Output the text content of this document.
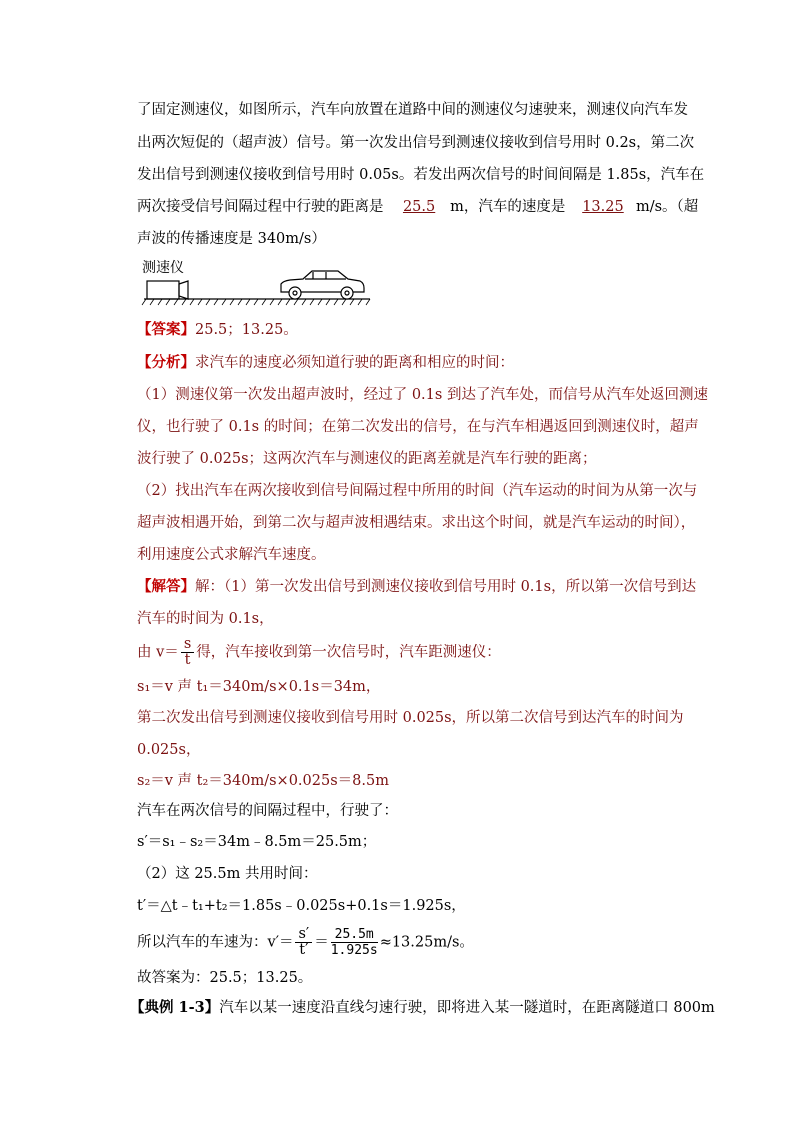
了固定测速仪，如图所示，汽车向放置在道路中间的测速仪匀速驶来，测速仪向汽车发
出两次短促的（超声波）信号。第一次发出信号到测速仪接收到信号用时 0.2s，第二次
发出信号到测速仪接收到信号用时 0.05s。若发出两次信号的时间间隔是 1.85s，汽车在
两次接受信号间隔过程中行驶的距离是 25.5 m，汽车的速度是 13.25 m/s。（超
声波的传播速度是 340m/s）
测速仪
【答案】25.5；13.25。
【分析】求汽车的速度必须知道行驶的距离和相应的时间：
（1）测速仪第一次发出超声波时，经过了 0.1s 到达了汽车处，而信号从汽车处返回测速
仪，也行驶了 0.1s 的时间；在第二次发出的信号，在与汽车相遇返回到测速仪时，超声
波行驶了 0.025s；这两次汽车与测速仪的距离差就是汽车行驶的距离；
（2）找出汽车在两次接收到信号间隔过程中所用的时间（汽车运动的时间为从第一次与
超声波相遇开始，到第二次与超声波相遇结束。求出这个时间，就是汽车运动的时间），
利用速度公式求解汽车速度。
【解答】解：（1）第一次发出信号到测速仪接收到信号用时 0.1s，所以第一次信号到达
汽车的时间为 0.1s，
由 $v= \frac{s}{t}$ 得，汽车接收到第一次信号时，汽车距测速仪：
s₁＝v 声 t₁＝340m/s×0.1s＝34m，
第二次发出信号到测速仪接收到信号用时 0.025s，所以第二次信号到达汽车的时间为
0.025s，
s₂＝v 声 t₂＝340m/s×0.025s＝8.5m
汽车在两次信号的间隔过程中，行驶了：
s′＝s₁﹣s₂＝34m﹣8.5m＝25.5m；
（2）这 25.5m 共用时间：
t′＝△t﹣t₁+t₂＝1.85s﹣0.025s+0.1s＝1.925s，
所以汽车的车速为：$v'= \frac{s'}{t'} = \frac{25.5m}{1.925s} \approx 13.25m/s$。
故答案为：25.5；13.25。
【典例 1-3】汽车以某一速度沿直线匀速行驶，即将进入某一隧道时，在距离隧道口 800m
